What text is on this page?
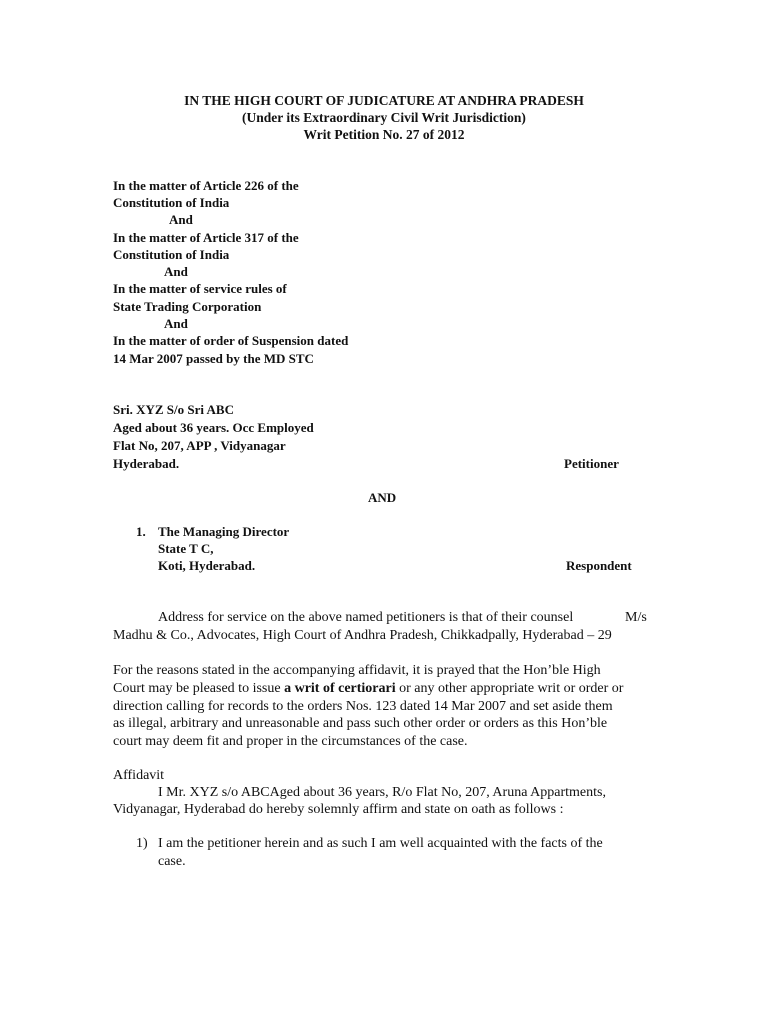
IN THE HIGH COURT OF JUDICATURE AT ANDHRA PRADESH
(Under its Extraordinary Civil Writ Jurisdiction)
Writ Petition No. 27 of 2012
In the matter of Article 226 of the
Constitution of India
And
In the matter of Article 317 of the
Constitution of India
And
In the matter of service rules of
State Trading Corporation
And
In the matter of order of Suspension dated
14 Mar 2007 passed by the MD STC
Sri. XYZ S/o Sri ABC
Aged about 36 years. Occ Employed
Flat No, 207, APP , Vidyanagar
Hyderabad.	Petitioner
AND
1. The Managing Director
State T C,
Koti, Hyderabad.	Respondent
Address for service on the above named petitioners is that of their counsel	M/s
Madhu & Co., Advocates, High Court of Andhra Pradesh, Chikkadpally, Hyderabad – 29
For the reasons stated in the accompanying affidavit, it is prayed that the Hon’ble High
Court may be pleased to issue a writ of certiorari or any other appropriate writ or order or
direction calling for records to the orders Nos. 123 dated 14 Mar 2007 and set aside them
as illegal, arbitrary and unreasonable and pass such other order or orders as this Hon’ble
court may deem fit and proper in the circumstances of the case.
Affidavit
I Mr. XYZ s/o ABCAged about 36 years, R/o Flat No, 207, Aruna Appartments,
Vidyanagar, Hyderabad do hereby solemnly affirm and state on oath as follows :
1) I am the petitioner herein and as such I am well acquainted with the facts of the
case.
